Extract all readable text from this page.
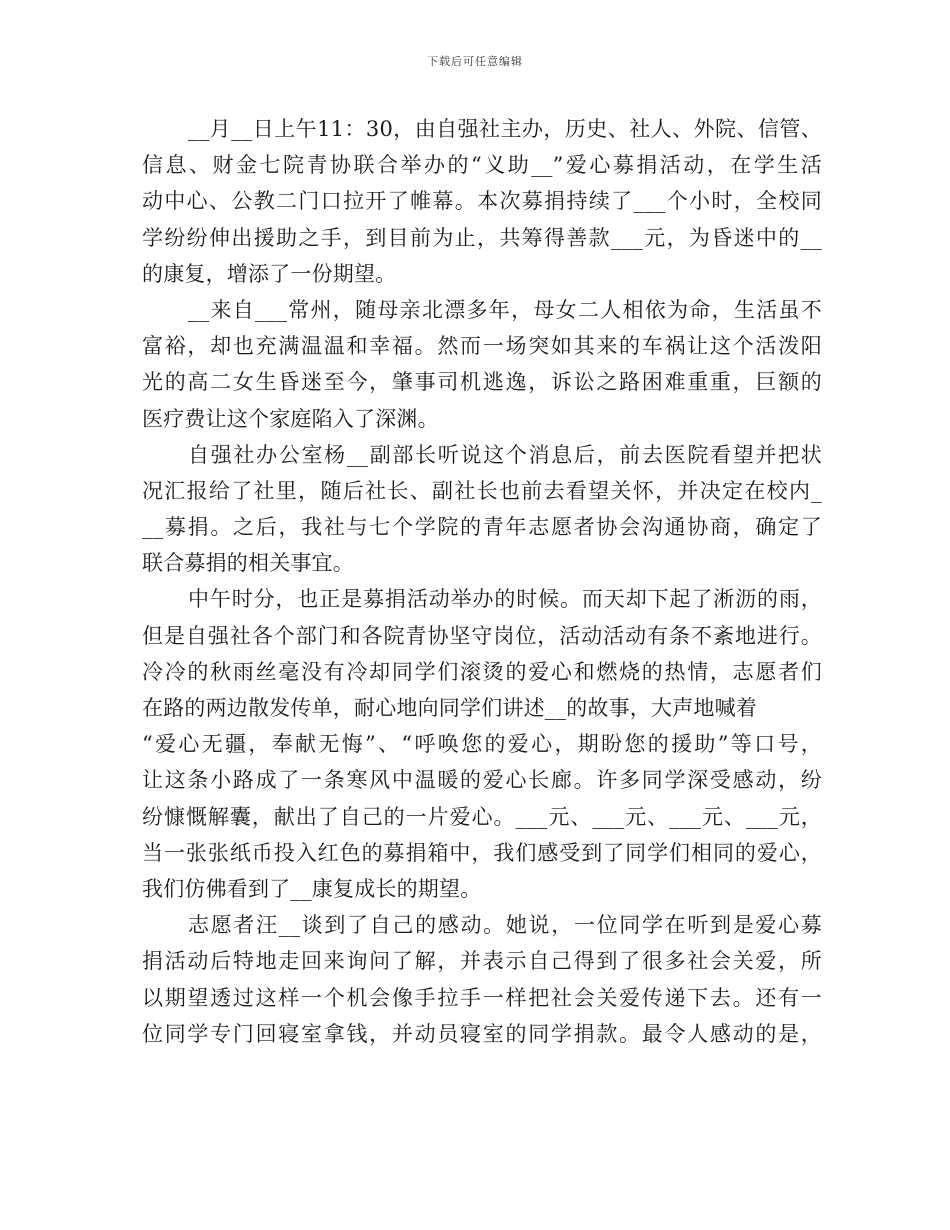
下载后可任意编辑
__月__日上午11：30，由自强社主办，历史、社人、外院、信管、
信息、财金七院青协联合举办的“义助__”爱心募捐活动，在学生活
动中心、公教二门口拉开了帷幕。本次募捐持续了___个小时，全校同
学纷纷伸出援助之手，到目前为止，共筹得善款___元，为昏迷中的__
的康复，增添了一份期望。
__来自___常州，随母亲北漂多年，母女二人相依为命，生活虽不
富裕，却也充满温温和幸福。然而一场突如其来的车祸让这个活泼阳
光的高二女生昏迷至今，肇事司机逃逸，诉讼之路困难重重，巨额的
医疗费让这个家庭陷入了深渊。
自强社办公室杨__副部长听说这个消息后，前去医院看望并把状
况汇报给了社里，随后社长、副社长也前去看望关怀，并决定在校内_
__募捐。之后，我社与七个学院的青年志愿者协会沟通协商，确定了
联合募捐的相关事宜。
中午时分，也正是募捐活动举办的时候。而天却下起了淅沥的雨，
但是自强社各个部门和各院青协坚守岗位，活动活动有条不紊地进行。
冷冷的秋雨丝毫没有冷却同学们滚烫的爱心和燃烧的热情，志愿者们
在路的两边散发传单，耐心地向同学们讲述__的故事，大声地喊着
“爱心无疆，奉献无悔”、“呼唤您的爱心，期盼您的援助”等口号，
让这条小路成了一条寒风中温暖的爱心长廊。许多同学深受感动，纷
纷慷慨解囊，献出了自己的一片爱心。___元、___元、___元、___元，
当一张张纸币投入红色的募捐箱中，我们感受到了同学们相同的爱心，
我们仿佛看到了__康复成长的期望。
志愿者汪__谈到了自己的感动。她说，一位同学在听到是爱心募
捐活动后特地走回来询问了解，并表示自己得到了很多社会关爱，所
以期望透过这样一个机会像手拉手一样把社会关爱传递下去。还有一
位同学专门回寝室拿钱，并动员寝室的同学捐款。最令人感动的是，
